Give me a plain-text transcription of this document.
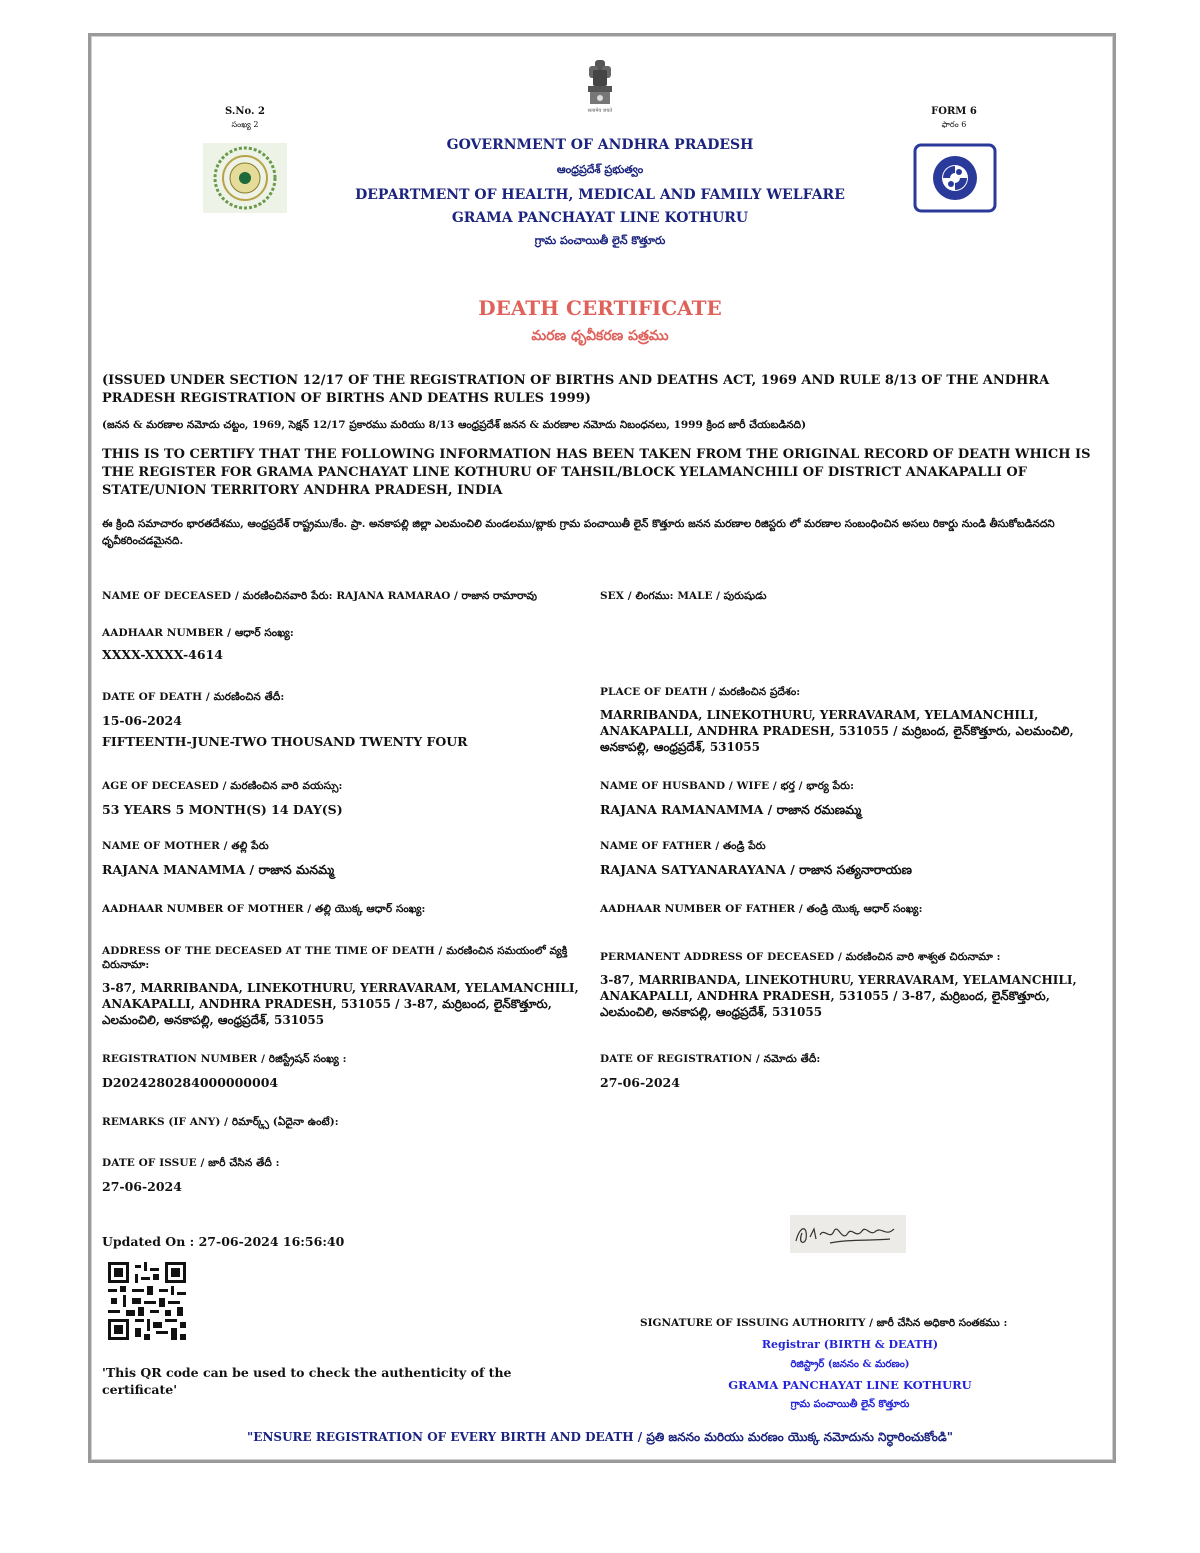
सत्यमेव जयते
S.No. 2
సంఖ్య 2
FORM 6
ఫారం 6
GOVERNMENT OF ANDHRA PRADESH
ఆంధ్రప్రదేశ్ ప్రభుత్వం
DEPARTMENT OF HEALTH, MEDICAL AND FAMILY WELFARE
GRAMA PANCHAYAT LINE KOTHURU
గ్రామ పంచాయితీ లైన్ కొత్తూరు
DEATH CERTIFICATE
మరణ ధృవీకరణ పత్రము
(ISSUED UNDER SECTION 12/17 OF THE REGISTRATION OF BIRTHS AND DEATHS ACT, 1969 AND RULE 8/13 OF THE ANDHRA PRADESH REGISTRATION OF BIRTHS AND DEATHS RULES 1999)
(జనన & మరణాల నమోదు చట్టం, 1969, సెక్షన్ 12/17 ప్రకారము మరియు 8/13 ఆంధ్రప్రదేశ్ జనన & మరణాల నమోదు నిబంధనలు, 1999 క్రింద జారీ చేయబడినది)
THIS IS TO CERTIFY THAT THE FOLLOWING INFORMATION HAS BEEN TAKEN FROM THE ORIGINAL RECORD OF DEATH WHICH IS THE REGISTER FOR GRAMA PANCHAYAT LINE KOTHURU OF TAHSIL/BLOCK YELAMANCHILI OF DISTRICT ANAKAPALLI OF STATE/UNION TERRITORY ANDHRA PRADESH, INDIA
ఈ క్రింది సమాచారం భారతదేశము, ఆంధ్రప్రదేశ్ రాష్ట్రము/కేం. ప్రా. అనకాపల్లి జిల్లా ఎలమంచిలి మండలము/బ్లాకు గ్రామ పంచాయితీ లైన్ కొత్తూరు జనన మరణాల రిజిస్టరు లో మరణాల సంబంధించిన అసలు రికార్డు నుండి తీసుకోబడినదని ధృవీకరించడమైనది.
NAME OF DECEASED / మరణించినవారి పేరు: RAJANA RAMARAO / రాజాన రామారావు	SEX / లింగము: MALE / పురుషుడు
AADHAAR NUMBER / ఆధార్ సంఖ్య:
XXXX-XXXX-4614
DATE OF DEATH / మరణించిన తేదీ:
15-06-2024
FIFTEENTH-JUNE-TWO THOUSAND TWENTY FOUR
PLACE OF DEATH / మరణించిన ప్రదేశం:
MARRIBANDA, LINEKOTHURU, YERRAVARAM, YELAMANCHILI, ANAKAPALLI, ANDHRA PRADESH, 531055 / మర్రిబంద, లైన్‌కొత్తూరు, ఎలమంచిలి, అనకాపల్లి, ఆంధ్రప్రదేశ్, 531055
AGE OF DECEASED / మరణించిన వారి వయస్సు:
53 YEARS 5 MONTH(S) 14 DAY(S)
NAME OF HUSBAND / WIFE / భర్త / భార్య పేరు:
RAJANA RAMANAMMA / రాజాన రమణమ్మ
NAME OF MOTHER / తల్లి పేరు
RAJANA MANAMMA / రాజాన మనమ్మ
NAME OF FATHER / తండ్రి పేరు
RAJANA SATYANARAYANA / రాజాన సత్యనారాయణ
AADHAAR NUMBER OF MOTHER / తల్లి యొక్క ఆధార్ సంఖ్య:	AADHAAR NUMBER OF FATHER / తండ్రి యొక్క ఆధార్ సంఖ్య:
ADDRESS OF THE DECEASED AT THE TIME OF DEATH / మరణించిన సమయంలో వ్యక్తి చిరునామా:
3-87, MARRIBANDA, LINEKOTHURU, YERRAVARAM, YELAMANCHILI, ANAKAPALLI, ANDHRA PRADESH, 531055 / 3-87, మర్రిబంద, లైన్‌కొత్తూరు, ఎలమంచిలి, అనకాపల్లి, ఆంధ్రప్రదేశ్, 531055
PERMANENT ADDRESS OF DECEASED / మరణించిన వారి శాశ్వత చిరునామా :
3-87, MARRIBANDA, LINEKOTHURU, YERRAVARAM, YELAMANCHILI, ANAKAPALLI, ANDHRA PRADESH, 531055 / 3-87, మర్రిబంద, లైన్‌కొత్తూరు, ఎలమంచిలి, అనకాపల్లి, ఆంధ్రప్రదేశ్, 531055
REGISTRATION NUMBER / రిజిస్ట్రేషన్ సంఖ్య :
D2024280284000000004
DATE OF REGISTRATION / నమోదు తేదీ:
27-06-2024
REMARKS (IF ANY) / రిమార్క్స్ (ఏదైనా ఉంటే):
DATE OF ISSUE / జారీ చేసిన తేదీ :
27-06-2024
Updated On : 27-06-2024 16:56:40
'This QR code can be used to check the authenticity of the certificate'
SIGNATURE OF ISSUING AUTHORITY / జారీ చేసిన అధికారి సంతకము :
Registrar (BIRTH & DEATH)
రిజిస్ట్రార్ (జననం & మరణం)
GRAMA PANCHAYAT LINE KOTHURU
గ్రామ పంచాయితీ లైన్ కొత్తూరు
"ENSURE REGISTRATION OF EVERY BIRTH AND DEATH / ప్రతి జననం మరియు మరణం యొక్క నమోదును నిర్ధారించుకోండి"
